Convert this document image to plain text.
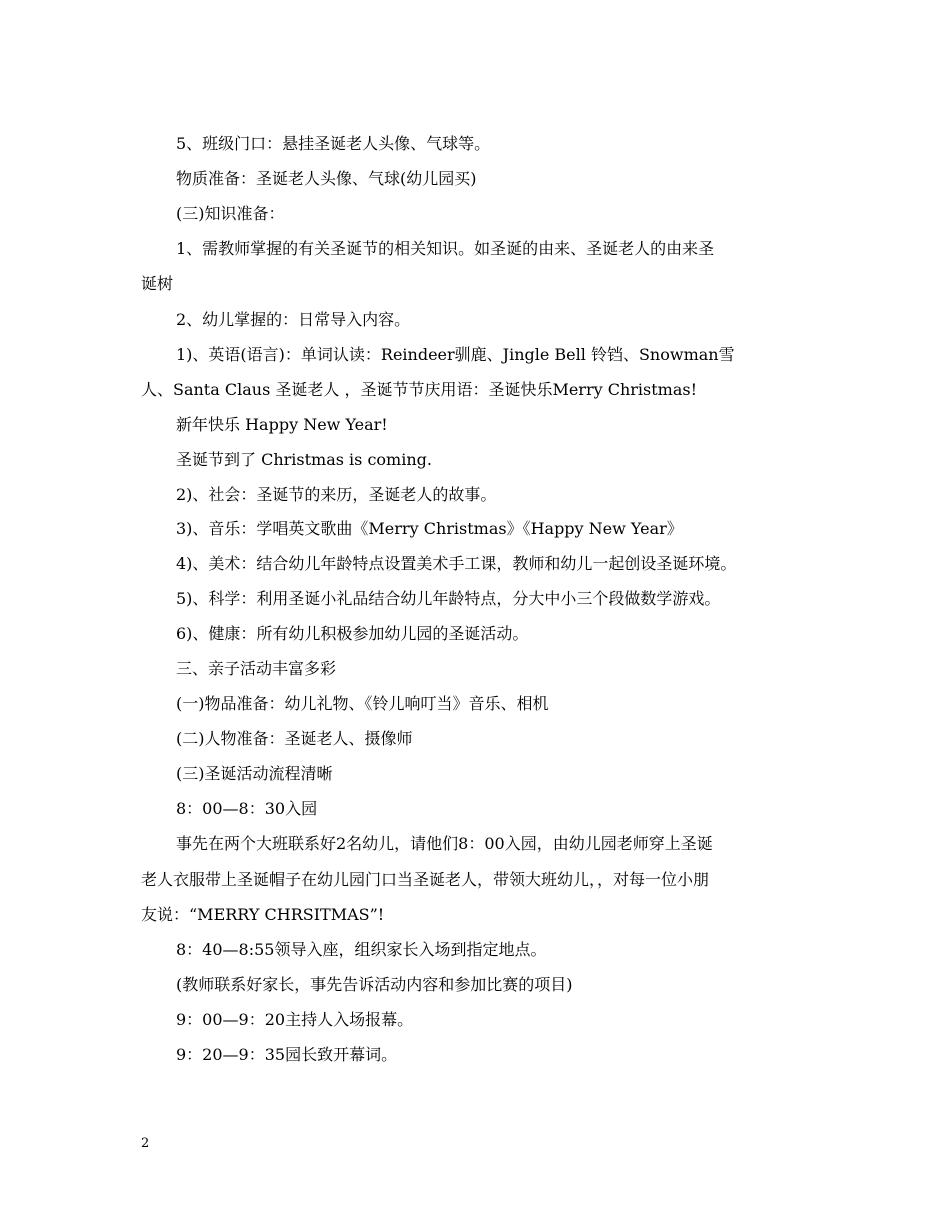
5、班级门口：悬挂圣诞老人头像、气球等。
物质准备：圣诞老人头像、气球(幼儿园买)
(三)知识准备：
1、需教师掌握的有关圣诞节的相关知识。如圣诞的由来、圣诞老人的由来圣
诞树
2、幼儿掌握的：日常导入内容。
1)、英语(语言)：单词认读：Reindeer驯鹿、Jingle Bell 铃铛、Snowman雪
人、Santa Claus 圣诞老人 ，圣诞节节庆用语：圣诞快乐Merry Christmas!
新年快乐 Happy New Year!
圣诞节到了 Christmas is coming.
2)、社会：圣诞节的来历，圣诞老人的故事。
3)、音乐：学唱英文歌曲《Merry Christmas》《Happy New Year》
4)、美术：结合幼儿年龄特点设置美术手工课，教师和幼儿一起创设圣诞环境。
5)、科学：利用圣诞小礼品结合幼儿年龄特点，分大中小三个段做数学游戏。
6)、健康：所有幼儿积极参加幼儿园的圣诞活动。
三、亲子活动丰富多彩
(一)物品准备：幼儿礼物、《铃儿响叮当》音乐、相机
(二)人物准备：圣诞老人、摄像师
(三)圣诞活动流程清晰
8：00—8：30入园
事先在两个大班联系好2名幼儿，请他们8：00入园，由幼儿园老师穿上圣诞
老人衣服带上圣诞帽子在幼儿园门口当圣诞老人，带领大班幼儿，，对每一位小朋
友说：“MERRY CHRSITMAS”!
8：40—8:55领导入座，组织家长入场到指定地点。
(教师联系好家长，事先告诉活动内容和参加比赛的项目)
9：00—9：20主持人入场报幕。
9：20—9：35园长致开幕词。
2
